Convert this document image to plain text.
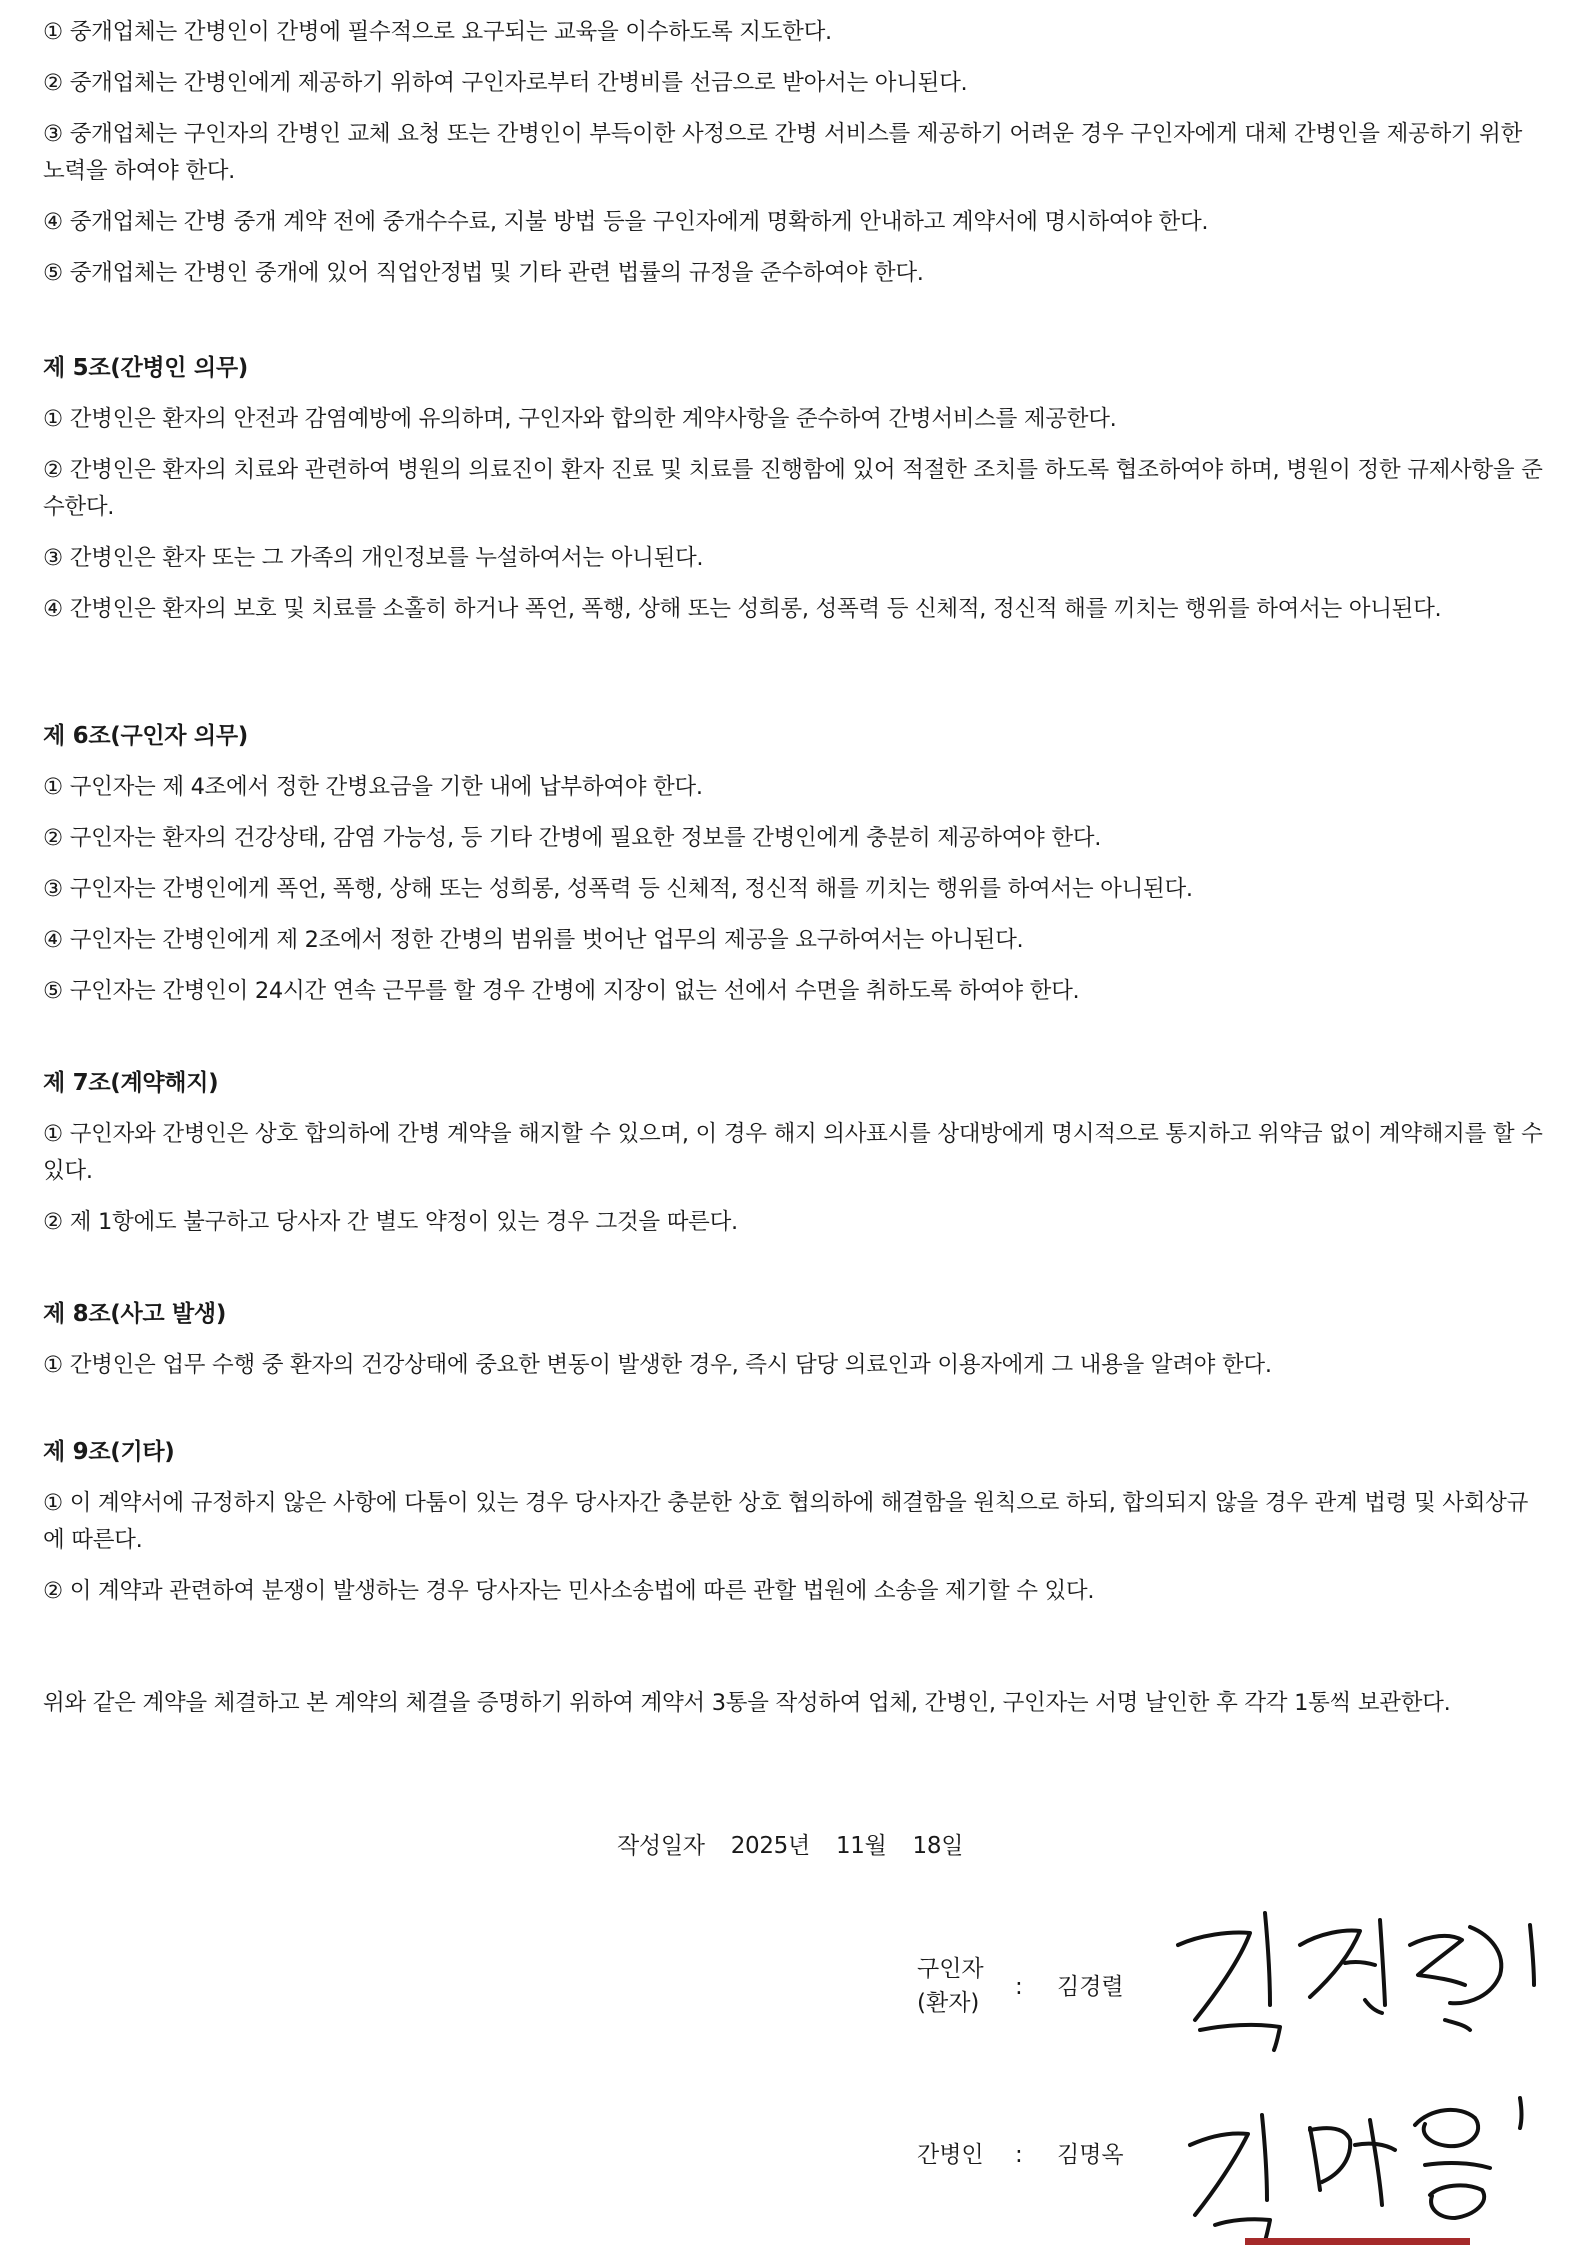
① 중개업체는 간병인이 간병에 필수적으로 요구되는 교육을 이수하도록 지도한다.

② 중개업체는 간병인에게 제공하기 위하여 구인자로부터 간병비를 선금으로 받아서는 아니된다.

③ 중개업체는 구인자의 간병인 교체 요청 또는 간병인이 부득이한 사정으로 간병 서비스를 제공하기 어려운 경우 구인자에게 대체 간병인을 제공하기 위한 노력을 하여야 한다.

④ 중개업체는 간병 중개 계약 전에 중개수수료, 지불 방법 등을 구인자에게 명확하게 안내하고 계약서에 명시하여야 한다.

⑤ 중개업체는 간병인 중개에 있어 직업안정법 및 기타 관련 법률의 규정을 준수하여야 한다.

제 5조(간병인 의무)

① 간병인은 환자의 안전과 감염예방에 유의하며, 구인자와 합의한 계약사항을 준수하여 간병서비스를 제공한다.

② 간병인은 환자의 치료와 관련하여 병원의 의료진이 환자 진료 및 치료를 진행함에 있어 적절한 조치를 하도록 협조하여야 하며, 병원이 정한 규제사항을 준수한다.

③ 간병인은 환자 또는 그 가족의 개인정보를 누설하여서는 아니된다.

④ 간병인은 환자의 보호 및 치료를 소홀히 하거나 폭언, 폭행, 상해 또는 성희롱, 성폭력 등 신체적, 정신적 해를 끼치는 행위를 하여서는 아니된다.

제 6조(구인자 의무)

① 구인자는 제 4조에서 정한 간병요금을 기한 내에 납부하여야 한다.

② 구인자는 환자의 건강상태, 감염 가능성, 등 기타 간병에 필요한 정보를 간병인에게 충분히 제공하여야 한다.

③ 구인자는 간병인에게 폭언, 폭행, 상해 또는 성희롱, 성폭력 등 신체적, 정신적 해를 끼치는 행위를 하여서는 아니된다.

④ 구인자는 간병인에게 제 2조에서 정한 간병의 범위를 벗어난 업무의 제공을 요구하여서는 아니된다.

⑤ 구인자는 간병인이 24시간 연속 근무를 할 경우 간병에 지장이 없는 선에서 수면을 취하도록 하여야 한다.

제 7조(계약해지)

① 구인자와 간병인은 상호 합의하에 간병 계약을 해지할 수 있으며, 이 경우 해지 의사표시를 상대방에게 명시적으로 통지하고 위약금 없이 계약해지를 할 수 있다.

② 제 1항에도 불구하고 당사자 간 별도 약정이 있는 경우 그것을 따른다.

제 8조(사고 발생)

① 간병인은 업무 수행 중 환자의 건강상태에 중요한 변동이 발생한 경우, 즉시 담당 의료인과 이용자에게 그 내용을 알려야 한다.

제 9조(기타)

① 이 계약서에 규정하지 않은 사항에 다툼이 있는 경우 당사자간 충분한 상호 협의하에 해결함을 원칙으로 하되, 합의되지 않을 경우 관계 법령 및 사회상규에 따른다.

② 이 계약과 관련하여 분쟁이 발생하는 경우 당사자는 민사소송법에 따른 관할 법원에 소송을 제기할 수 있다.

위와 같은 계약을 체결하고 본 계약의 체결을 증명하기 위하여 계약서 3통을 작성하여 업체, 간병인, 구인자는 서명 날인한 후 각각 1통씩 보관한다.

작성일자 2025년 11월 18일
구인자
(환자)
: 김경렬
간병인 : 김명옥
